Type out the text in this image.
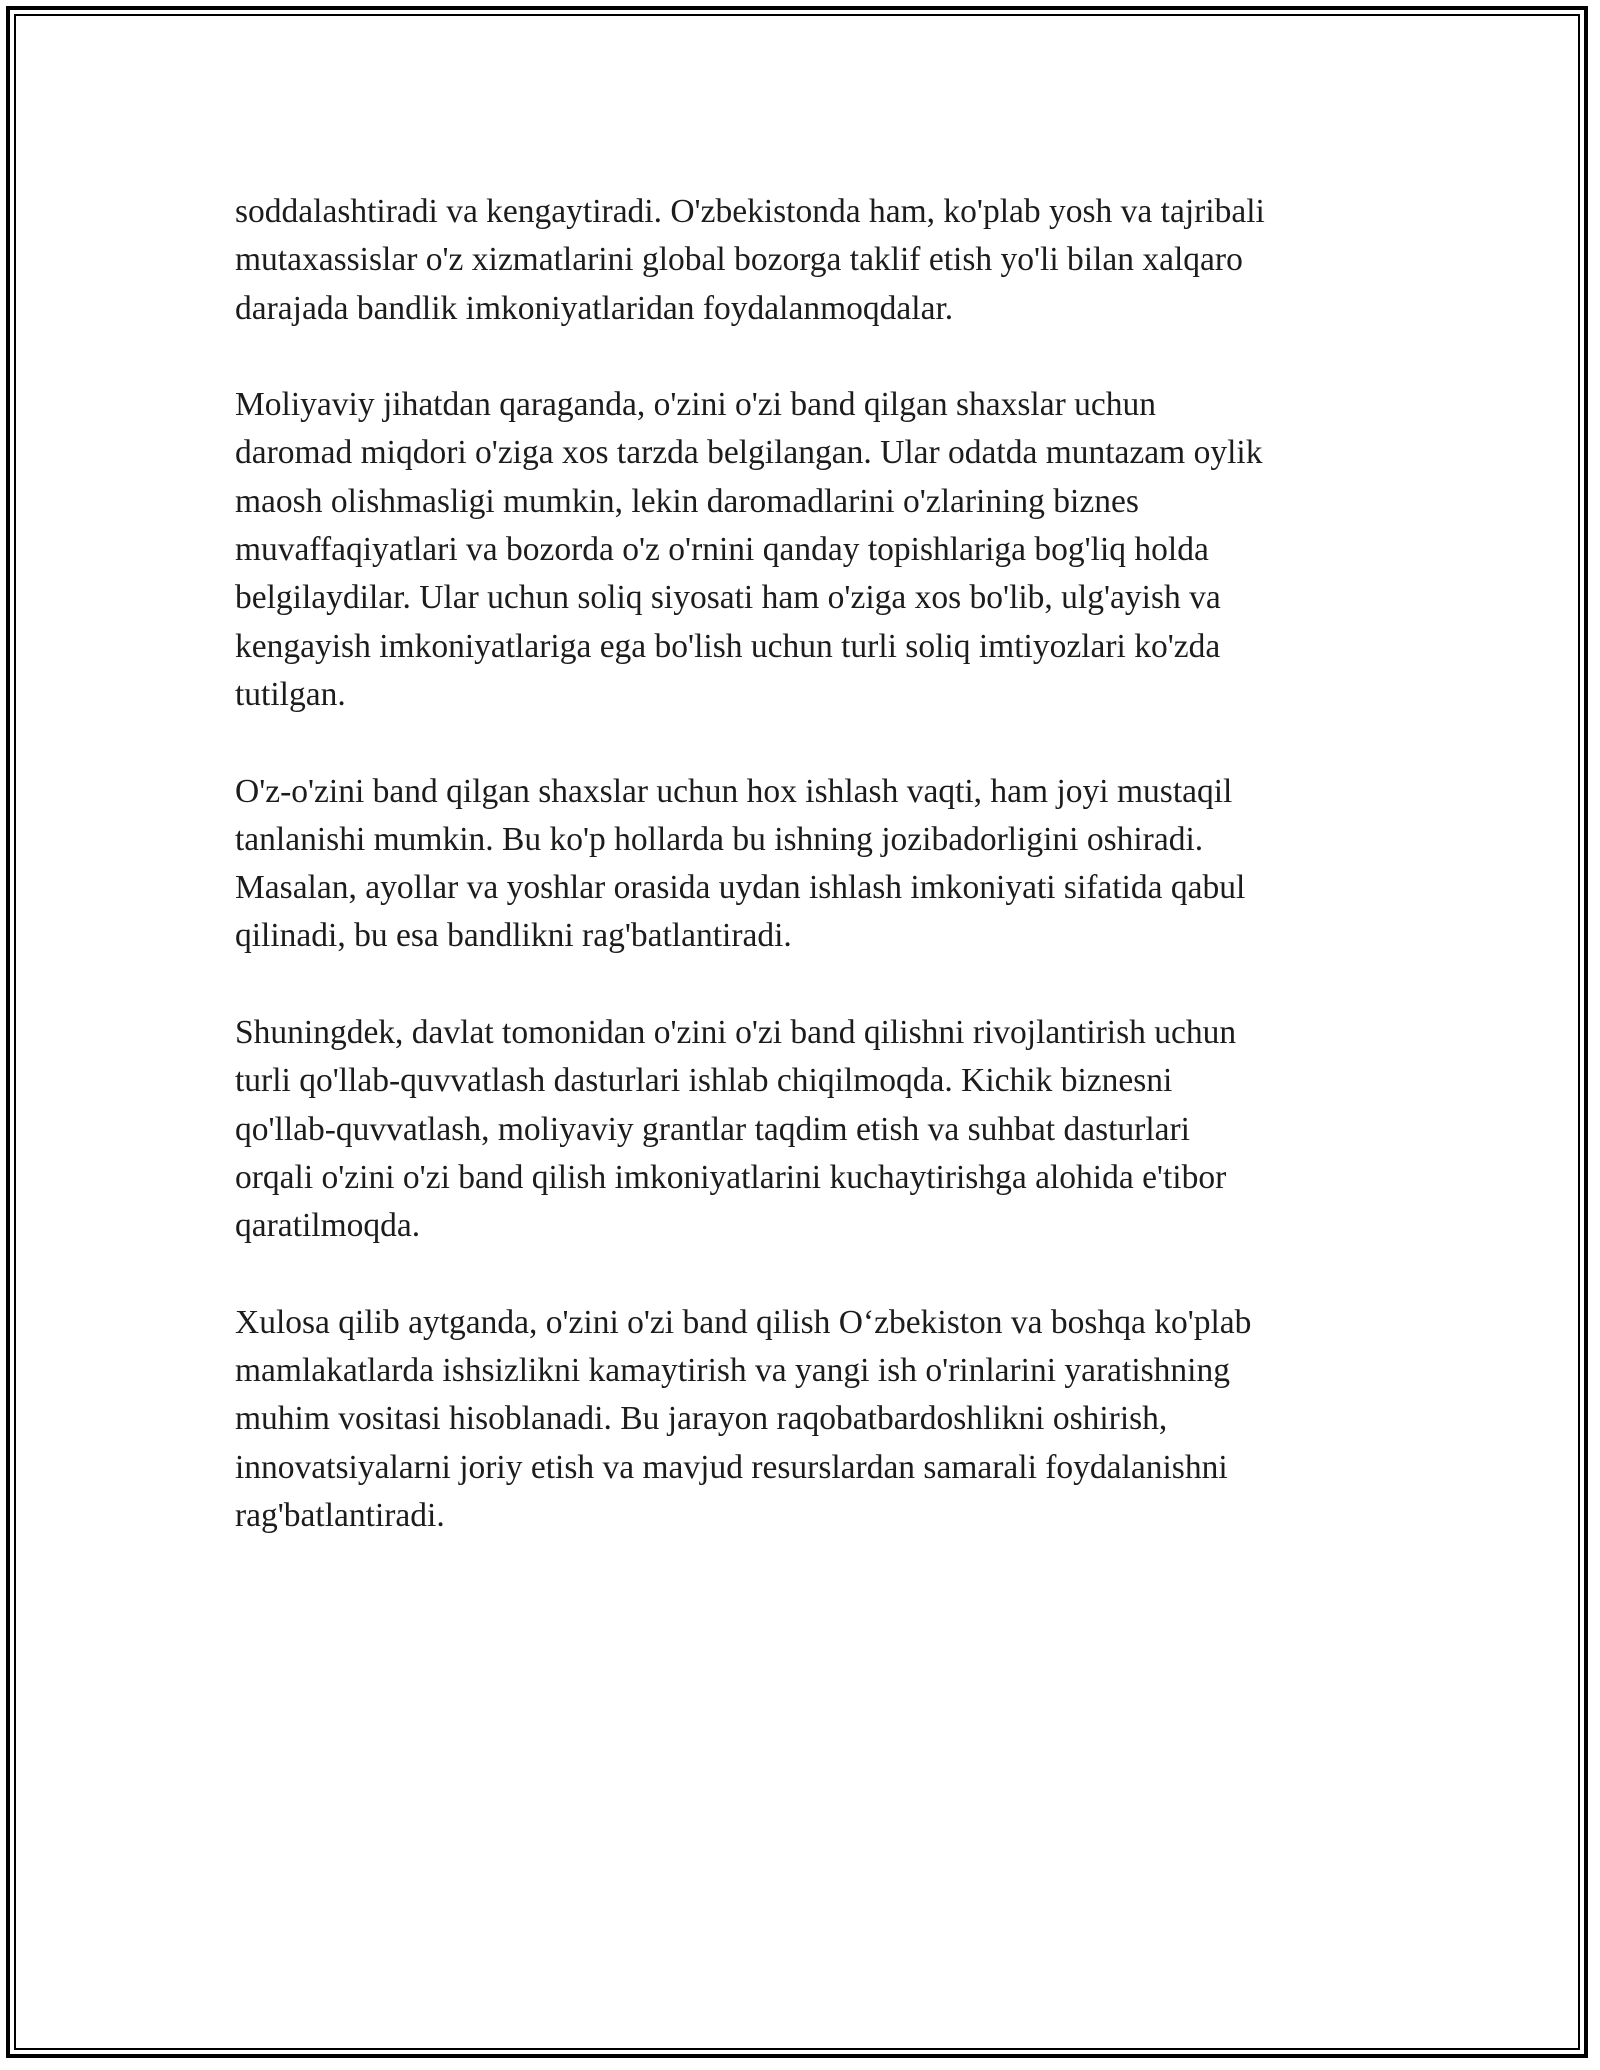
soddalashtiradi va kengaytiradi. O'zbekistonda ham, ko'plab yosh va tajribali
mutaxassislar o'z xizmatlarini global bozorga taklif etish yo'li bilan xalqaro
darajada bandlik imkoniyatlaridan foydalanmoqdalar.

Moliyaviy jihatdan qaraganda, o'zini o'zi band qilgan shaxslar uchun
daromad miqdori o'ziga xos tarzda belgilangan. Ular odatda muntazam oylik
maosh olishmasligi mumkin, lekin daromadlarini o'zlarining biznes
muvaffaqiyatlari va bozorda o'z o'rnini qanday topishlariga bog'liq holda
belgilaydilar. Ular uchun soliq siyosati ham o'ziga xos bo'lib, ulg'ayish va
kengayish imkoniyatlariga ega bo'lish uchun turli soliq imtiyozlari ko'zda
tutilgan.

O'z-o'zini band qilgan shaxslar uchun hox ishlash vaqti, ham joyi mustaqil
tanlanishi mumkin. Bu ko'p hollarda bu ishning jozibadorligini oshiradi.
Masalan, ayollar va yoshlar orasida uydan ishlash imkoniyati sifatida qabul
qilinadi, bu esa bandlikni rag'batlantiradi.

Shuningdek, davlat tomonidan o'zini o'zi band qilishni rivojlantirish uchun
turli qo'llab-quvvatlash dasturlari ishlab chiqilmoqda. Kichik biznesni
qo'llab-quvvatlash, moliyaviy grantlar taqdim etish va suhbat dasturlari
orqali o'zini o'zi band qilish imkoniyatlarini kuchaytirishga alohida e'tibor
qaratilmoqda.

Xulosa qilib aytganda, o'zini o'zi band qilish O‘zbekiston va boshqa ko'plab
mamlakatlarda ishsizlikni kamaytirish va yangi ish o'rinlarini yaratishning
muhim vositasi hisoblanadi. Bu jarayon raqobatbardoshlikni oshirish,
innovatsiyalarni joriy etish va mavjud resurslardan samarali foydalanishni
rag'batlantiradi.
